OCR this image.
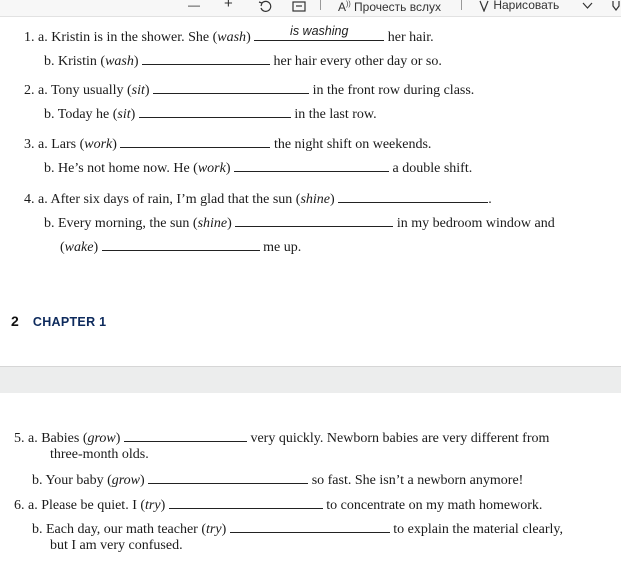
— +	A)) Прочесть вслух	Нарисовать
1. a. Kristin is in the shower. She (wash)	is washing	her hair.
b. Kristin (wash)	her hair every other day or so.
2. a. Tony usually (sit)	in the front row during class.
b. Today he (sit)	in the last row.
3. a. Lars (work)	the night shift on weekends.
b. He’s not home now. He (work)	a double shift.
4. a. After six days of rain, I’m glad that the sun (shine)	.
b. Every morning, the sun (shine)	in my bedroom window and
(wake)	me up.
2 CHAPTER 1
5. a. Babies (grow)	very quickly. Newborn babies are very different from
three-month olds.
b. Your baby (grow)	so fast. She isn’t a newborn anymore!
6. a. Please be quiet. I (try)	to concentrate on my math homework.
b. Each day, our math teacher (try)	to explain the material clearly,
but I am very confused.
